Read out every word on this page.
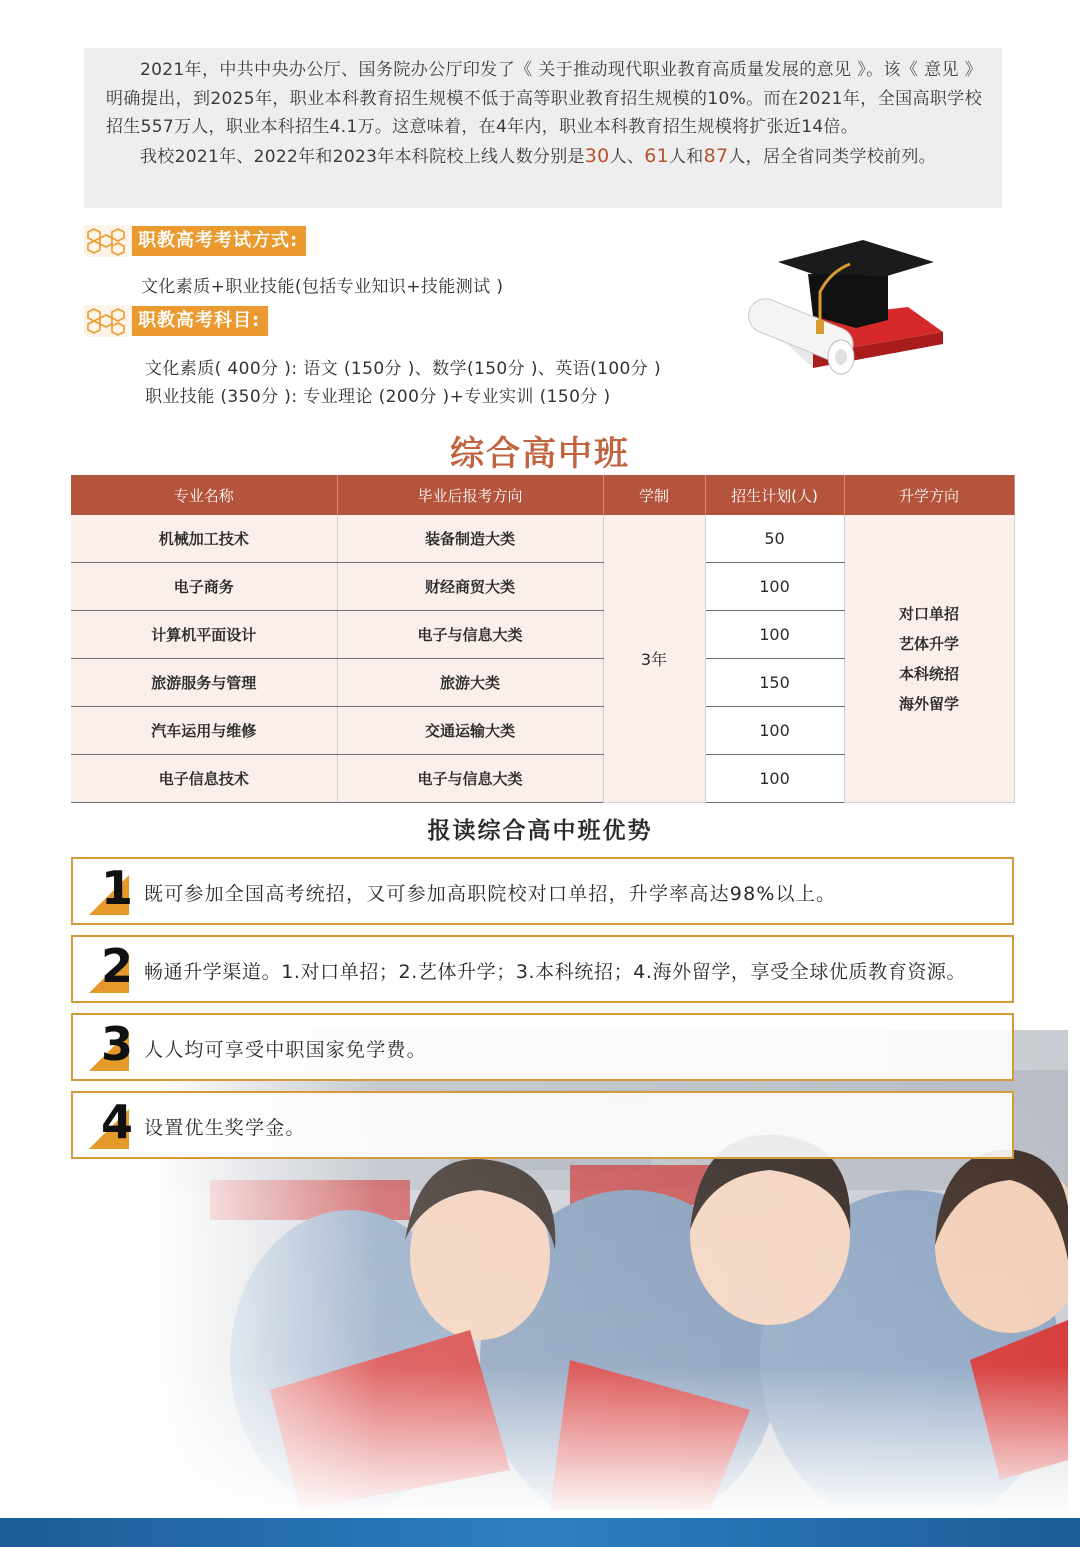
2021年，中共中央办公厅、国务院办公厅印发了《 关于推动现代职业教育高质量发展的意见 》。该《 意见 》明确提出，到2025年，职业本科教育招生规模不低于高等职业教育招生规模的10%。而在2021年，全国高职学校招生557万人，职业本科招生4.1万。这意味着，在4年内，职业本科教育招生规模将扩张近14倍。

我校2021年、2022年和2023年本科院校上线人数分别是30人、61人和87人，居全省同类学校前列。

职教高考考试方式:
文化素质+职业技能(包括专业知识+技能测试 )
职教高考科目:
文化素质( 400分 ): 语文 (150分 )、数学(150分 )、英语(100分 )
职业技能 (350分 ): 专业理论 (200分 )+专业实训 (150分 )
综合高中班
专业名称	毕业后报考方向	学制	招生计划(人)	升学方向
机械加工技术	装备制造大类	3年	50	对口单招
艺体升学
本科统招
海外留学

电子商务	财经商贸大类		100	
计算机平面设计	电子与信息大类		100	
旅游服务与管理	旅游大类		150	
汽车运用与维修	交通运输大类		100	
电子信息技术	电子与信息大类		100	
报读综合高中班优势
1 既可参加全国高考统招，又可参加高职院校对口单招，升学率高达98%以上。
2 畅通升学渠道。1.对口单招；2.艺体升学；3.本科统招；4.海外留学，享受全球优质教育资源。
3 人人均可享受中职国家免学费。
4 设置优生奖学金。
